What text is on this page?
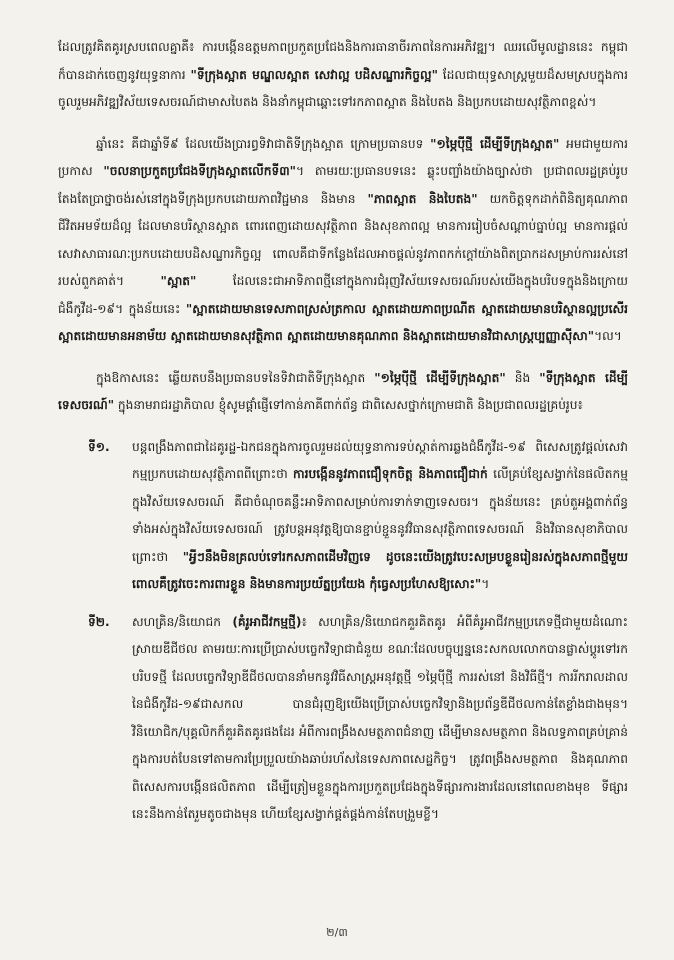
ដែលត្រូវគិតគូរស្របពេលគ្នាគឺ៖ ការបង្កើនឧត្តមភាពប្រកួតប្រជែងនិងការធានាចីរភាពនៃការអភិវឌ្ឍ។ ឈរលើមូលដ្ឋាននេះ កម្ពុជាក៏បានដាក់ចេញនូវយុទ្ធនាការ "ទីក្រុងស្អាត មណ្ឌលស្អាត សេវាល្អ បដិសណ្ឋារកិច្ចល្អ" ដែលជាយុទ្ធសាស្ត្រមួយដ៏សមស្របក្នុងការចូលរួមអភិវឌ្ឍវិស័យទេសចរណ៍ជាមាសបៃតង និងនាំកម្ពុជាឆ្ពោះទៅរកភាពស្អាត និងបៃតង និងប្រកបដោយសុវត្ថិភាពខ្ពស់។

ឆ្នាំនេះ គឺជាឆ្នាំទី៩ ដែលយើងប្រារព្ធទិវាជាតិទីក្រុងស្អាត ក្រោមប្រធានបទ "១ម្ភៃប៉ីថ្មី ដើម្បីទីក្រុងស្អាត" អមជាមួយការប្រកាស "ចលនាប្រកួតប្រជែងទីក្រុងស្អាតលើកទី៣"។ តាមរយៈប្រធានបទនេះ ឆ្លុះបញ្ចាំងយ៉ាងច្បាស់ថា ប្រជាពលរដ្ឋគ្រប់រូបតែងតែប្រាថ្នាចង់រស់នៅក្នុងទីក្រុងប្រកបដោយភាពវិជ្ជមាន និងមាន "ភាពស្អាត និងបៃតង" យកចិត្តទុកដាក់ពិនិត្យគុណភាពជីវិតអមទ័យដ៏ល្អ ដែលមានបរិស្ថានស្អាត ពោរពេញដោយសុវត្ថិភាព និងសុខភាពល្អ មានការរៀបចំសណ្តាប់ធ្នាប់ល្អ មានការផ្តល់សេវាសាធារណៈប្រកបដោយបដិសណ្ឋារកិច្ចល្អ ពោលគឺជាទីកន្លែងដែលអាចផ្តល់នូវភាពកក់ក្តៅយ៉ាងពិតប្រាកដសម្រាប់ការរស់នៅរបស់ពួកគាត់។ "ស្អាត" ដែលនេះជាអាទិភាពថ្មីនៅក្នុងការជំរុញវិស័យទេសចរណ៍របស់យើងក្នុងបរិបទក្នុងនិងក្រោយជំងឺកូវីដ-១៩។ ក្នុងន័យនេះ "ស្អាតដោយមានទេសភាពស្រស់ត្រកាល ស្អាតដោយភាពប្រណីត ស្អាតដោយមានបរិស្ថានល្អប្រសើរ ស្អាតដោយមានអនាម័យ ស្អាតដោយមានសុវត្ថិភាព ស្អាតដោយមានគុណភាព និងស្អាតដោយមានវិជាសាស្ត្រប្បញ្ញាស៊ីសា"។ល។

ក្នុងឱកាសនេះ ឆ្លើយតបនឹងប្រធានបទនៃទិវាជាតិទីក្រុងស្អាត "១ម្ភៃប៉ីថ្មី ដើម្បីទីក្រុងស្អាត" និង "ទីក្រុងស្អាត ដើម្បីទេសចរណ៍" ក្នុងនាមរាជរដ្ឋាភិបាល ខ្ញុំសូមផ្តាំផ្ញើទៅកាន់ភាគីពាក់ព័ន្ធ ជាពិសេសថ្នាក់ក្រោមជាតិ និងប្រជាពលរដ្ឋគ្រប់រូប៖

ទី១.	បន្តពង្រឹងភាពជាដៃគូរដ្ឋ-ឯកជនក្នុងការចូលរួមដល់យុទ្ធនាការទប់ស្កាត់ការឆ្លងជំងឺកូវីដ-១៩ ពិសេសត្រូវផ្តល់សេវាកម្មប្រកបដោយសុវត្ថិភាពពីព្រោះថា ការបង្កើននូវភាពជឿទុកចិត្ត និងភាពជឿជាក់ លើគ្រប់ខ្សែសង្វាក់នៃផលិតកម្មក្នុងវិស័យទេសចរណ៍ គឺជាចំណុចគន្លឹះអាទិភាពសម្រាប់ការទាក់ទាញទេសចរ។ ក្នុងន័យនេះ គ្រប់តួអង្គពាក់ព័ន្ធទាំងអស់ក្នុងវិស័យទេសចរណ៍ ត្រូវបន្តអនុវត្តឱ្យបានខ្ជាប់ខ្ជួននូវវិធានសុវត្ថិភាពទេសចរណ៍ និងវិធានសុខាភិបាលព្រោះថា "អ្វីៗនឹងមិនគ្រលប់ទៅរកសភាពដើមវិញទេ ដូចនេះយើងត្រូវបេះសម្របខ្លួនរៀនរស់ក្នុងសភាពថ្មីមួយ ពោលគឺត្រូវចេះការពារខ្លួន និងមានការប្រយ័ត្នប្រយែង កុំធ្វេសប្រហែសឱ្យសោះ"។
ទី២.	សហគ្រិន/និយោជក (គំរូអាជីវកម្មថ្មី)៖ សហគ្រិន/និយោជកគួរគិតគូរ អំពីគំរូអាជីវកម្មប្រភេទថ្មីជាមួយដំណោះស្រាយឌីជីថល តាមរយៈការប្រើប្រាស់បច្ចេកវិទ្យាជាជំនួយ ខណៈដែលបច្ចុប្បន្ននេះសកលលោកបានផ្លាស់ប្តូរទៅរកបរិបទថ្មី ដែលបច្ចេកវិទ្យាឌីជីថលបាននាំមកនូវវិធីសាស្ត្រអនុវត្តថ្មី ១ម្ភៃប៉ីថ្មី ការរស់នៅ និងវិធីថ្មី។ ការរីករាលដាលនៃជំងឺកូវីដ-១៩ជាសកល បានជំរុញឱ្យយើងប្រើប្រាស់បច្ចេកវិទ្យានិងប្រព័ន្ធឌីជីថលកាន់តែខ្លាំងជាងមុន។ វិនិយោជិក/បុគ្គលិកក៏គួរគិតគូរផងដែរ អំពីការពង្រឹងសមត្ថភាពជំនាញ ដើម្បីមានសមត្ថភាព និងលទ្ធភាពគ្រប់គ្រាន់ក្នុងការបត់បែនទៅតាមការប្រែប្រួលយ៉ាងឆាប់រហ័សនៃទេសភាពសេដ្ឋកិច្ច។ ត្រូវពង្រឹងសមត្ថភាព និងគុណភាព ពិសេសការបង្កើនផលិតភាព ដើម្បីត្រៀមខ្លួនក្នុងការប្រកួតប្រជែងក្នុងទីផ្សារការងារដែលនៅពេលខាងមុខ ទីផ្សារនេះនឹងកាន់តែរួមតូចជាងមុន ហើយខ្សែសង្វាក់ផ្គត់ផ្គង់កាន់តែបង្រួមខ្លី។
២/៣
